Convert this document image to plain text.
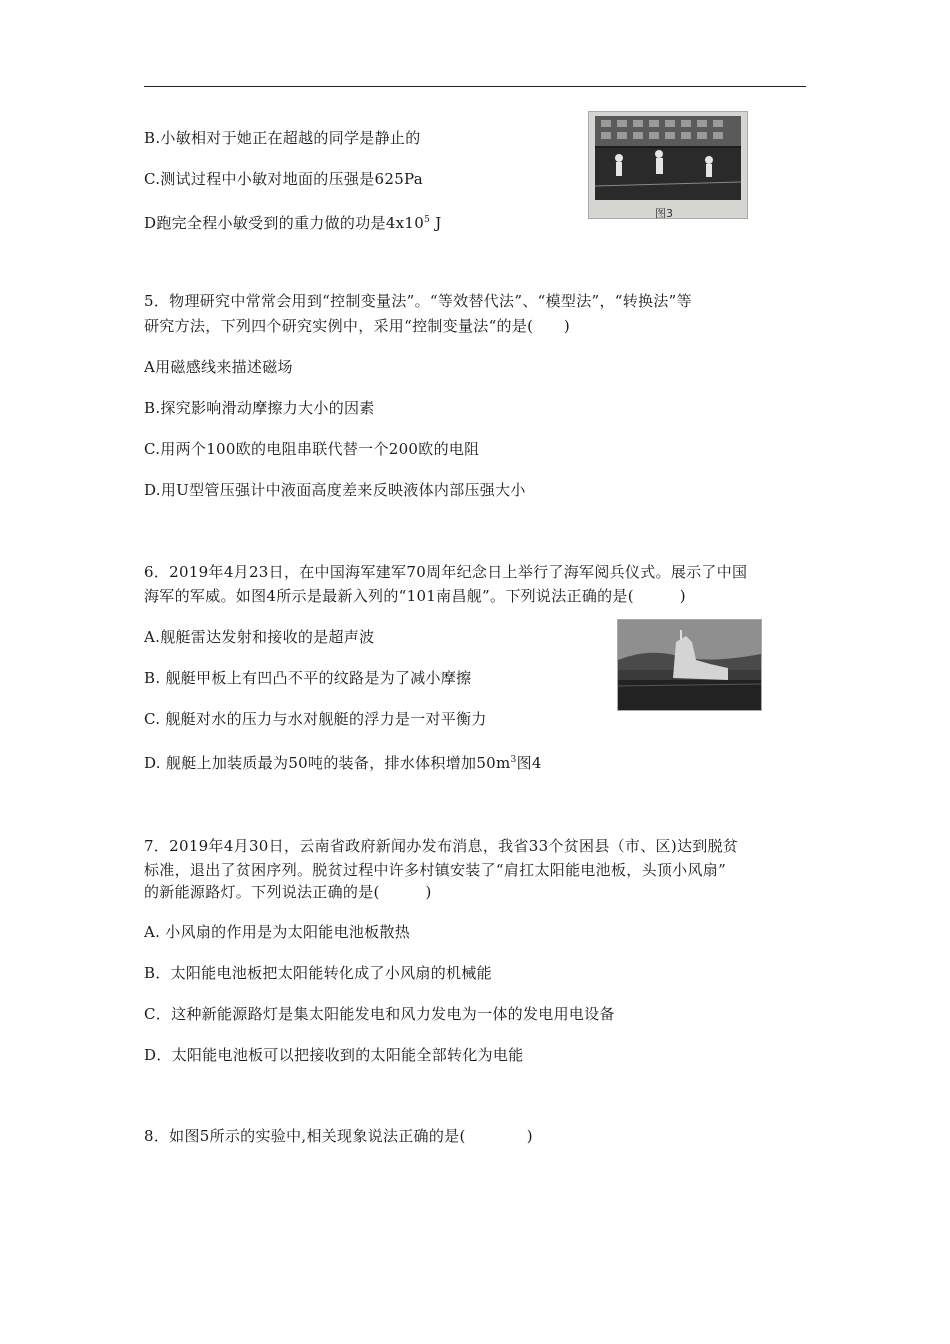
B.小敏相对于她正在超越的同学是静止的
C.测试过程中小敏对地面的压强是625Pa
D跑完全程小敏受到的重力做的功是$4x10^5$ J
图3
5．物理研究中常常会用到“控制变量法”。“等效替代法”、“模型法”，“转换法”等
研究方法，下列四个研究实例中，采用“控制变量法“的是(　　)
A用磁感线来描述磁场
B.探究影响滑动摩擦力大小的因素
C.用两个100欧的电阻串联代替一个200欧的电阻
D.用U型管压强计中液面高度差来反映液体内部压强大小
6．2019年4月23日，在中国海军建军70周年纪念日上举行了海军阅兵仪式。展示了中国
海军的军威。如图4所示是最新入列的“101南昌舰”。下列说法正确的是(　　　)
A.舰艇雷达发射和接收的是超声波
B. 舰艇甲板上有凹凸不平的纹路是为了减小摩擦
C. 舰艇对水的压力与水对舰艇的浮力是一对平衡力
D. 舰艇上加装质最为50吨的装备，排水体积增加$50m^3$图4
7．2019年4月30日，云南省政府新闻办发布消息，我省33个贫困县（市、区)达到脱贫
标准，退出了贫困序列。脱贫过程中许多村镇安装了“肩扛太阳能电池板，头顶小风扇”
的新能源路灯。下列说法正确的是(　　　)
A. 小风扇的作用是为太阳能电池板散热
B．太阳能电池板把太阳能转化成了小风扇的机械能
C．这种新能源路灯是集太阳能发电和风力发电为一体的发电用电设备
D．太阳能电池板可以把接收到的太阳能全部转化为电能
8．如图5所示的实验中,相关现象说法正确的是(　　　　)
